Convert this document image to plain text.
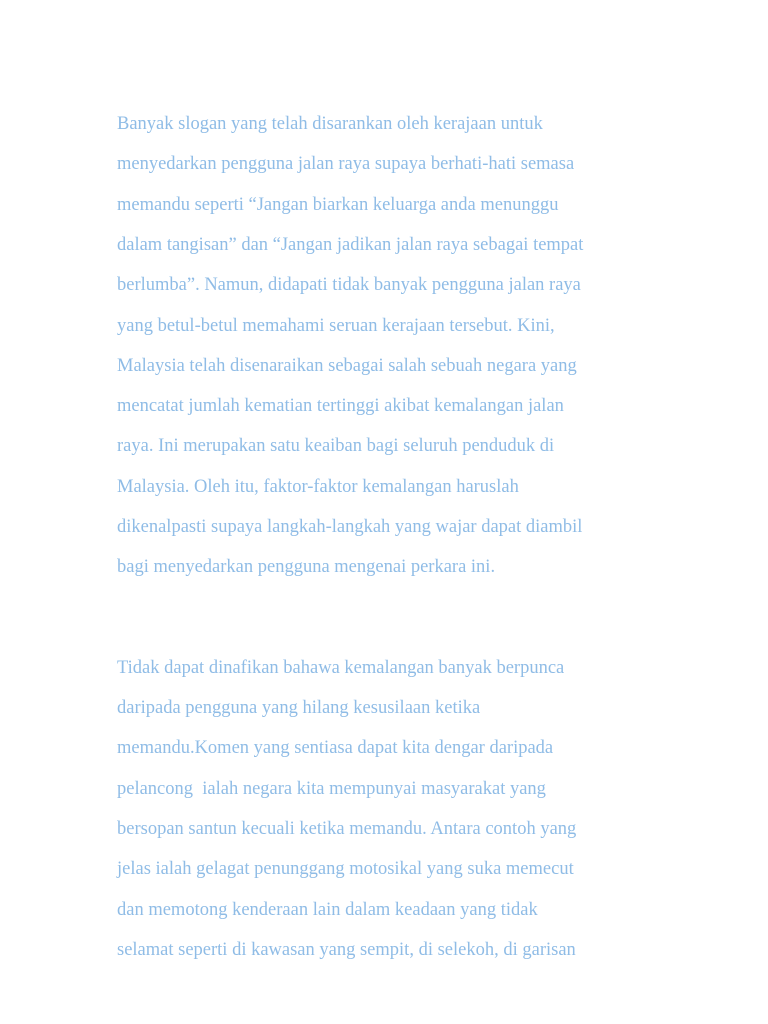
Banyak slogan yang telah disarankan oleh kerajaan untuk

menyedarkan pengguna jalan raya supaya berhati-hati semasa

memandu seperti “Jangan biarkan keluarga anda menunggu

dalam tangisan” dan “Jangan jadikan jalan raya sebagai tempat

berlumba”. Namun, didapati tidak banyak pengguna jalan raya

yang betul-betul memahami seruan kerajaan tersebut. Kini,

Malaysia telah disenaraikan sebagai salah sebuah negara yang

mencatat jumlah kematian tertinggi akibat kemalangan jalan

raya. Ini merupakan satu keaiban bagi seluruh penduduk di

Malaysia. Oleh itu, faktor-faktor kemalangan haruslah

dikenalpasti supaya langkah-langkah yang wajar dapat diambil

bagi menyedarkan pengguna mengenai perkara ini.

Tidak dapat dinafikan bahawa kemalangan banyak berpunca

daripada pengguna yang hilang kesusilaan ketika

memandu.Komen yang sentiasa dapat kita dengar daripada

pelancong  ialah negara kita mempunyai masyarakat yang

bersopan santun kecuali ketika memandu. Antara contoh yang

jelas ialah gelagat penunggang motosikal yang suka memecut

dan memotong kenderaan lain dalam keadaan yang tidak

selamat seperti di kawasan yang sempit, di selekoh, di garisan
